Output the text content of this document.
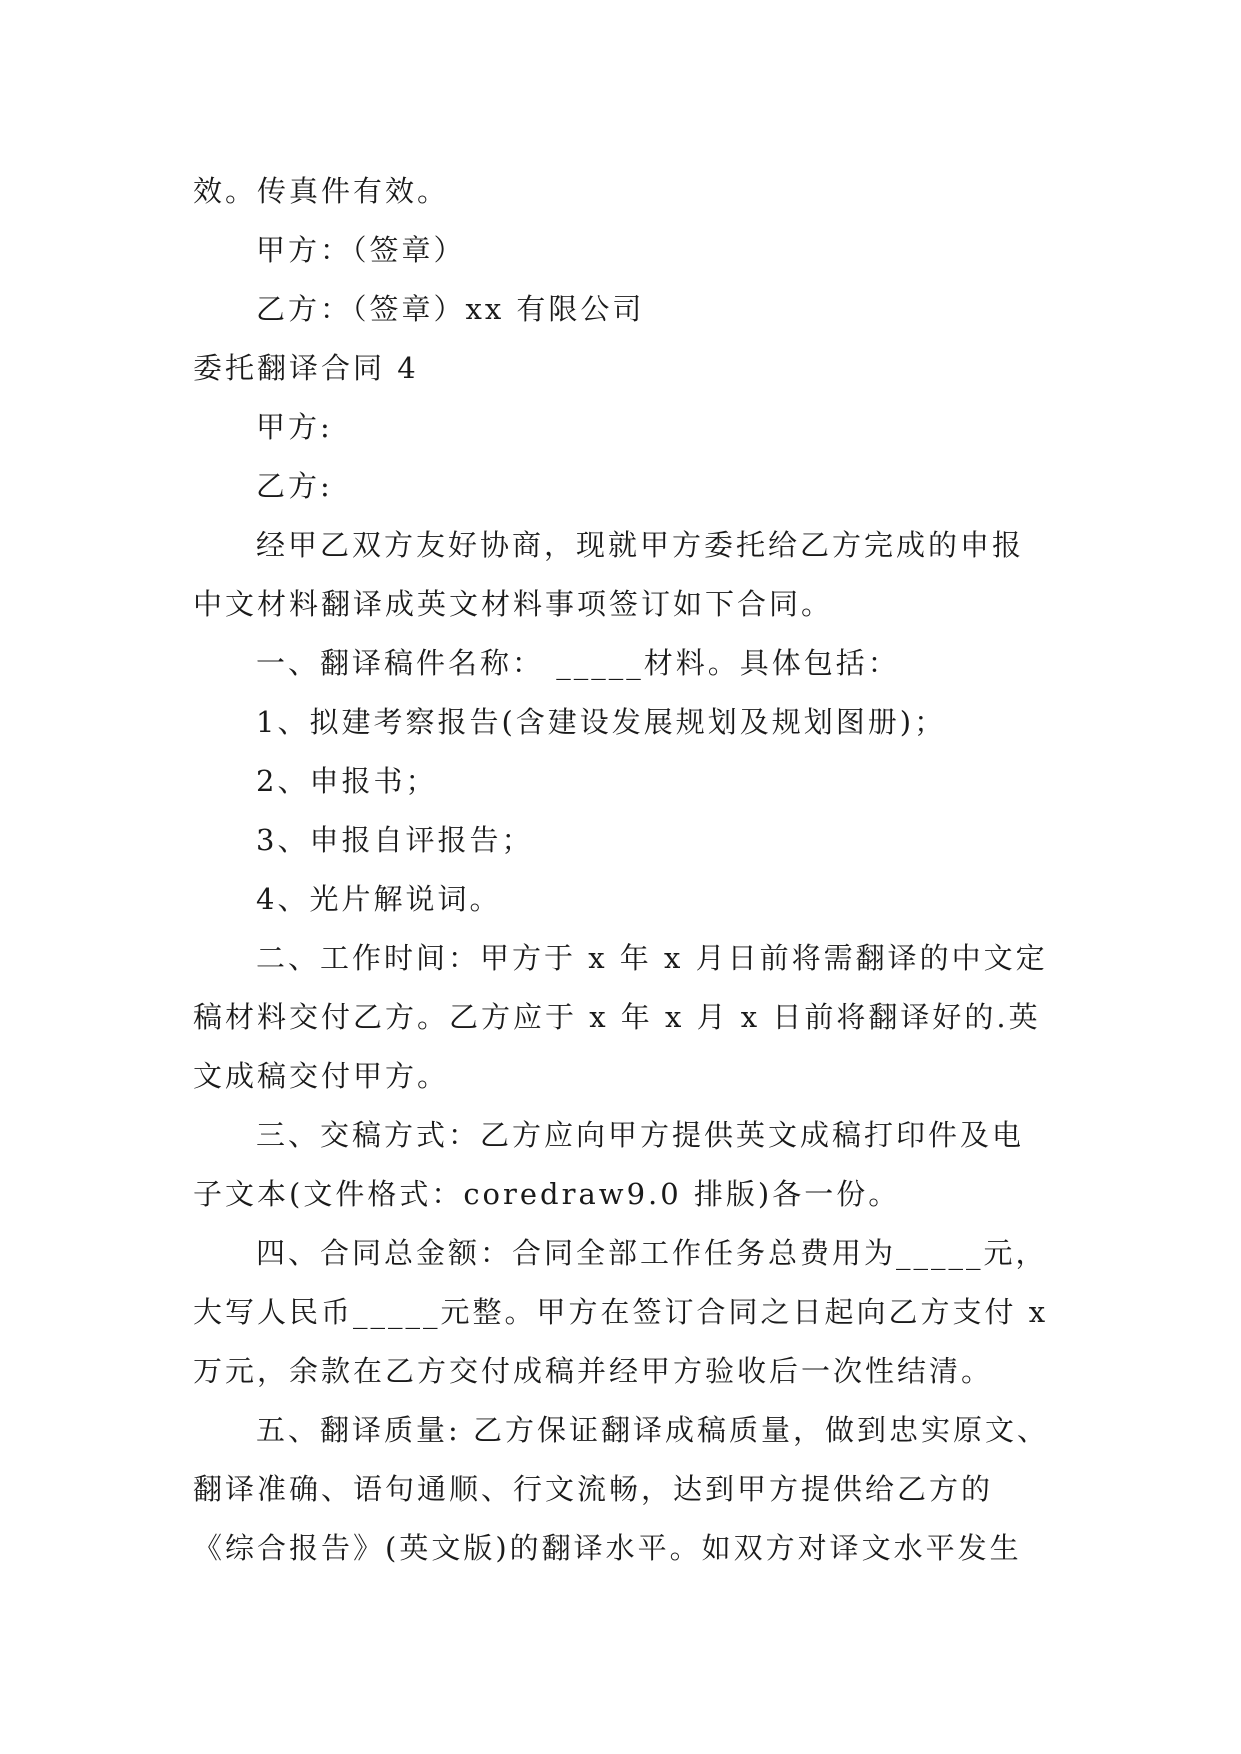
效。传真件有效。

甲方：（签章）

乙方：（签章）xx 有限公司

委托翻译合同 4

甲方:

乙方:

经甲乙双方友好协商，现就甲方委托给乙方完成的申报

中文材料翻译成英文材料事项签订如下合同。

一、翻译稿件名称： _____材料。具体包括：

1、拟建考察报告(含建设发展规划及规划图册)；

2、申报书；

3、申报自评报告；

4、光片解说词。

二、工作时间：甲方于 x 年 x 月日前将需翻译的中文定

稿材料交付乙方。乙方应于 x 年 x 月 x 日前将翻译好的.英

文成稿交付甲方。

三、交稿方式：乙方应向甲方提供英文成稿打印件及电

子文本(文件格式：coredraw9.0 排版)各一份。

四、合同总金额：合同全部工作任务总费用为_____元，

大写人民币_____元整。甲方在签订合同之日起向乙方支付 x

万元，余款在乙方交付成稿并经甲方验收后一次性结清。

五、翻译质量: 乙方保证翻译成稿质量，做到忠实原文、

翻译准确、语句通顺、行文流畅，达到甲方提供给乙方的

《综合报告》(英文版)的翻译水平。如双方对译文水平发生
